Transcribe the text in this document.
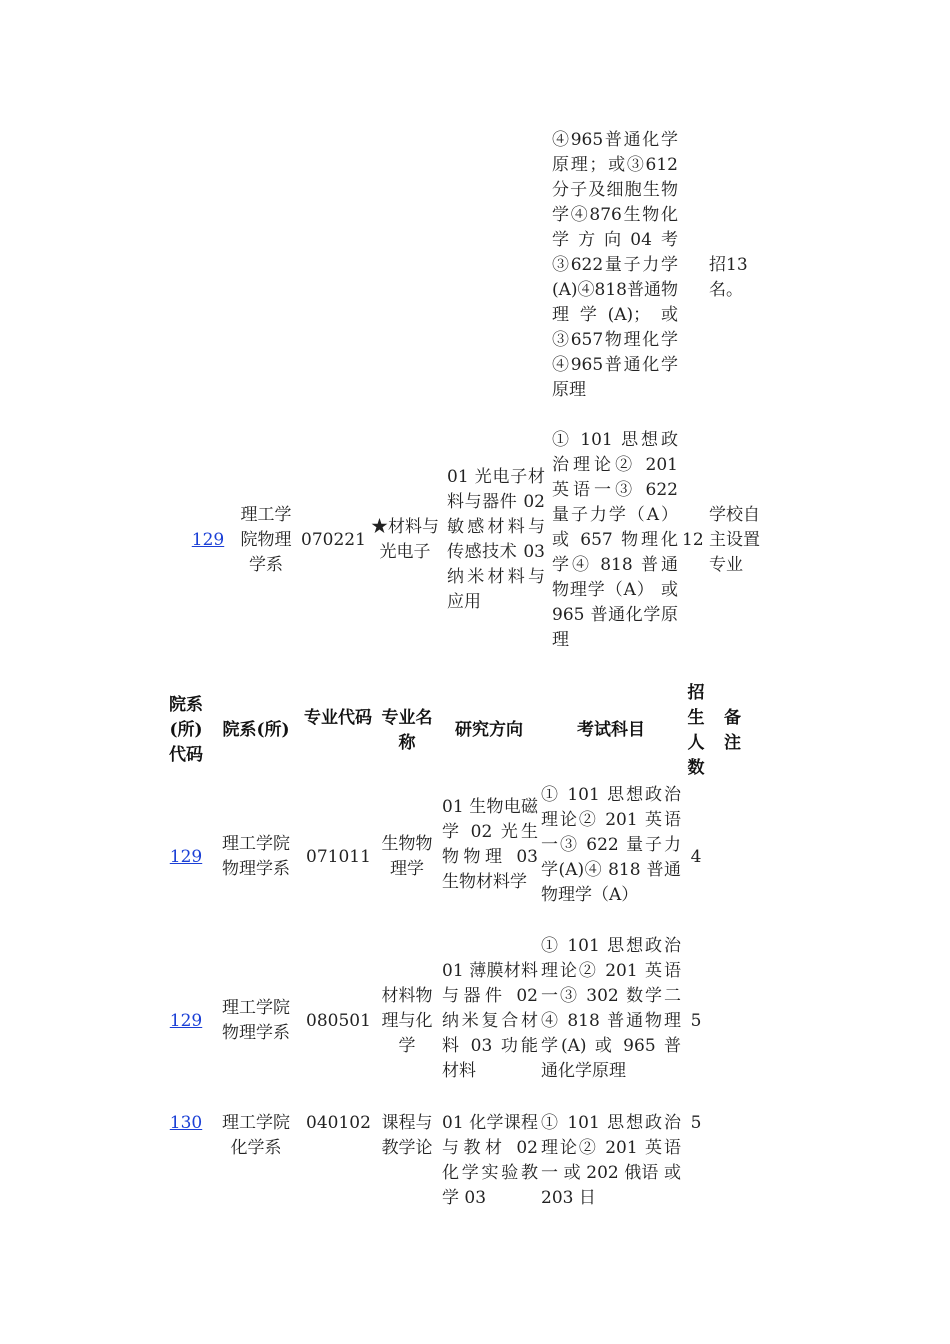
④965普通化学原理；或③612分子及细胞生物学④876生物化学方向04考③622量子力学(A)④818普通物理学(A)；或③657物理化学④965普通化学原理
招13名。
129
理工学院物理学系
070221
★材料与光电子
01 光电子材料与器件 02 敏感材料与传感技术 03 纳米材料与应用
① 101 思想政治理论② 201 英语一③ 622 量子力学（A） 或 657 物理化学④ 818 普通物理学（A） 或 965 普通化学原理
12
学校自主设置专业
院系(所)代码
院系(所)
专业代码 专业名称
研究方向	考试科目
招生人数
备注
129
理工学院物理学系
071011
生物物理学
01 生物电磁学 02 光生物物理 03 生物材料学
① 101 思想政治理论② 201 英语一③ 622 量子力学(A)④ 818 普通物理学（A）
4
129
理工学院物理学系
080501
材料物理与化学
01 薄膜材料与器件 02 纳米复合材料 03 功能材料
① 101 思想政治理论② 201 英语一③ 302 数学二④ 818 普通物理学(A) 或 965 普通化学原理
5
130	理工学院化学系
040102 课程与教学论
01 化学课程与教材 02 化学实验教学 03
① 101 思想政治理论② 201 英语一 或 202 俄语 或 203 日
5
